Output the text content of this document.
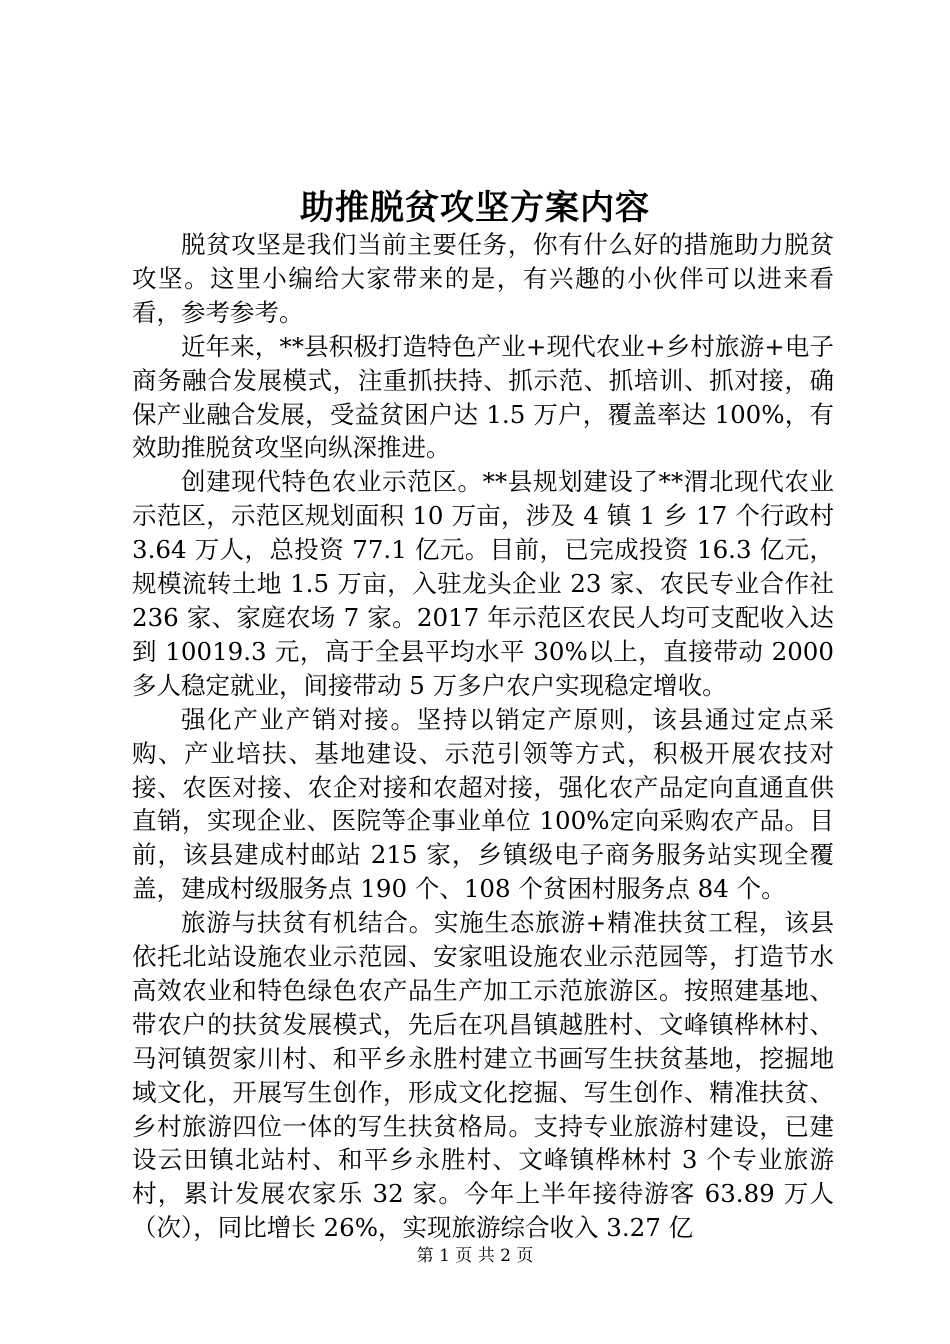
助推脱贫攻坚方案内容

脱贫攻坚是我们当前主要任务，你有什么好的措施助力脱贫攻坚。这里小编给大家带来的是，有兴趣的小伙伴可以进来看看，参考参考。

近年来，**县积极打造特色产业+现代农业+乡村旅游+电子商务融合发展模式，注重抓扶持、抓示范、抓培训、抓对接，确保产业融合发展，受益贫困户达 1.5 万户，覆盖率达 100%，有效助推脱贫攻坚向纵深推进。

创建现代特色农业示范区。**县规划建设了**渭北现代农业示范区，示范区规划面积 10 万亩，涉及 4 镇 1 乡 17 个行政村 3.64 万人，总投资 77.1 亿元。目前，已完成投资 16.3 亿元，规模流转土地 1.5 万亩，入驻龙头企业 23 家、农民专业合作社 236 家、家庭农场 7 家。2017 年示范区农民人均可支配收入达到 10019.3 元，高于全县平均水平 30%以上，直接带动 2000 多人稳定就业，间接带动 5 万多户农户实现稳定增收。

强化产业产销对接。坚持以销定产原则，该县通过定点采购、产业培扶、基地建设、示范引领等方式，积极开展农技对接、农医对接、农企对接和农超对接，强化农产品定向直通直供直销，实现企业、医院等企事业单位 100%定向采购农产品。目前，该县建成村邮站 215 家，乡镇级电子商务服务站实现全覆盖，建成村级服务点 190 个、108 个贫困村服务点 84 个。

旅游与扶贫有机结合。实施生态旅游+精准扶贫工程，该县依托北站设施农业示范园、安家咀设施农业示范园等，打造节水高效农业和特色绿色农产品生产加工示范旅游区。按照建基地、带农户的扶贫发展模式，先后在巩昌镇越胜村、文峰镇桦林村、马河镇贺家川村、和平乡永胜村建立书画写生扶贫基地，挖掘地域文化，开展写生创作，形成文化挖掘、写生创作、精准扶贫、乡村旅游四位一体的写生扶贫格局。支持专业旅游村建设，已建设云田镇北站村、和平乡永胜村、文峰镇桦林村 3 个专业旅游村，累计发展农家乐 32 家。今年上半年接待游客 63.89 万人（次），同比增长 26%，实现旅游综合收入 3.27 亿

第 1 页 共 2 页
